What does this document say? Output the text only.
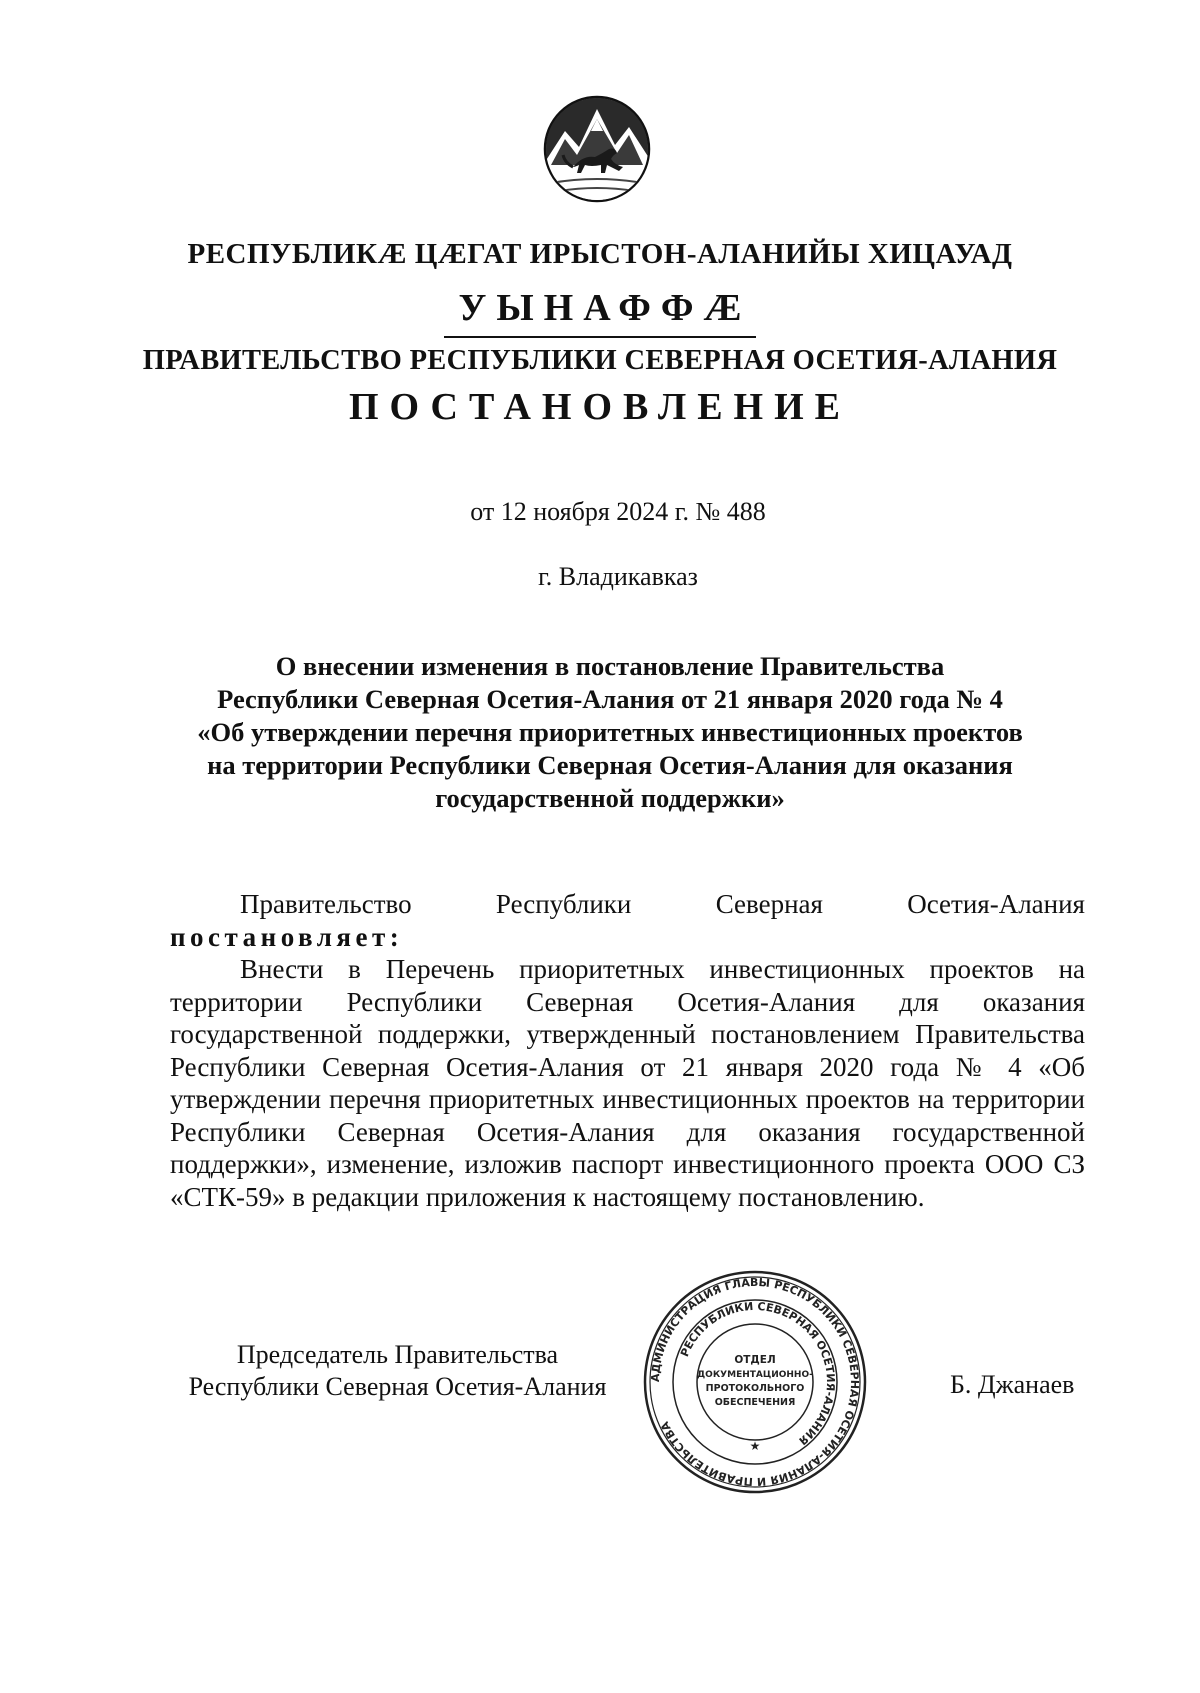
РЕСПУБЛИКÆ ЦÆГАТ ИРЫСТОН-АЛАНИЙЫ ХИЦАУАД
УЫНАФФÆ
ПРАВИТЕЛЬСТВО РЕСПУБЛИКИ СЕВЕРНАЯ ОСЕТИЯ-АЛАНИЯ
ПОСТАНОВЛЕНИЕ
от 12 ноября 2024 г. № 488
г. Владикавказ
О внесении изменения в постановление Правительства
Республики Северная Осетия-Алания от 21 января 2020 года № 4
«Об утверждении перечня приоритетных инвестиционных проектов
на территории Республики Северная Осетия-Алания для оказания
государственной поддержки»
Правительство	Республики	Северная	Осетия-Алания
постановляет:
Внести в Перечень приоритетных инвестиционных проектов на территории Республики Северная Осетия-Алания для оказания государственной поддержки, утвержденный постановлением Правительства Республики Северная Осетия-Алания от 21 января 2020 года № 4 «Об утверждении перечня приоритетных инвестиционных проектов на территории Республики Северная Осетия-Алания для оказания государственной поддержки», изменение, изложив паспорт инвестиционного проекта ООО СЗ «СТК-59» в редакции приложения к настоящему постановлению.
Председатель Правительства
Республики Северная Осетия-Алания	Б. Джанаев
АДМИНИСТРАЦИЯ ГЛАВЫ РЕСПУБЛИКИ СЕВЕРНАЯ ОСЕТИЯ-АЛАНИЯ И ПРАВИТЕЛЬСТВА
РЕСПУБЛИКИ СЕВЕРНАЯ ОСЕТИЯ-АЛАНИЯ
ОТДЕЛ
ДОКУМЕНТАЦИОННО-
ПРОТОКОЛЬНОГО
ОБЕСПЕЧЕНИЯ
★
